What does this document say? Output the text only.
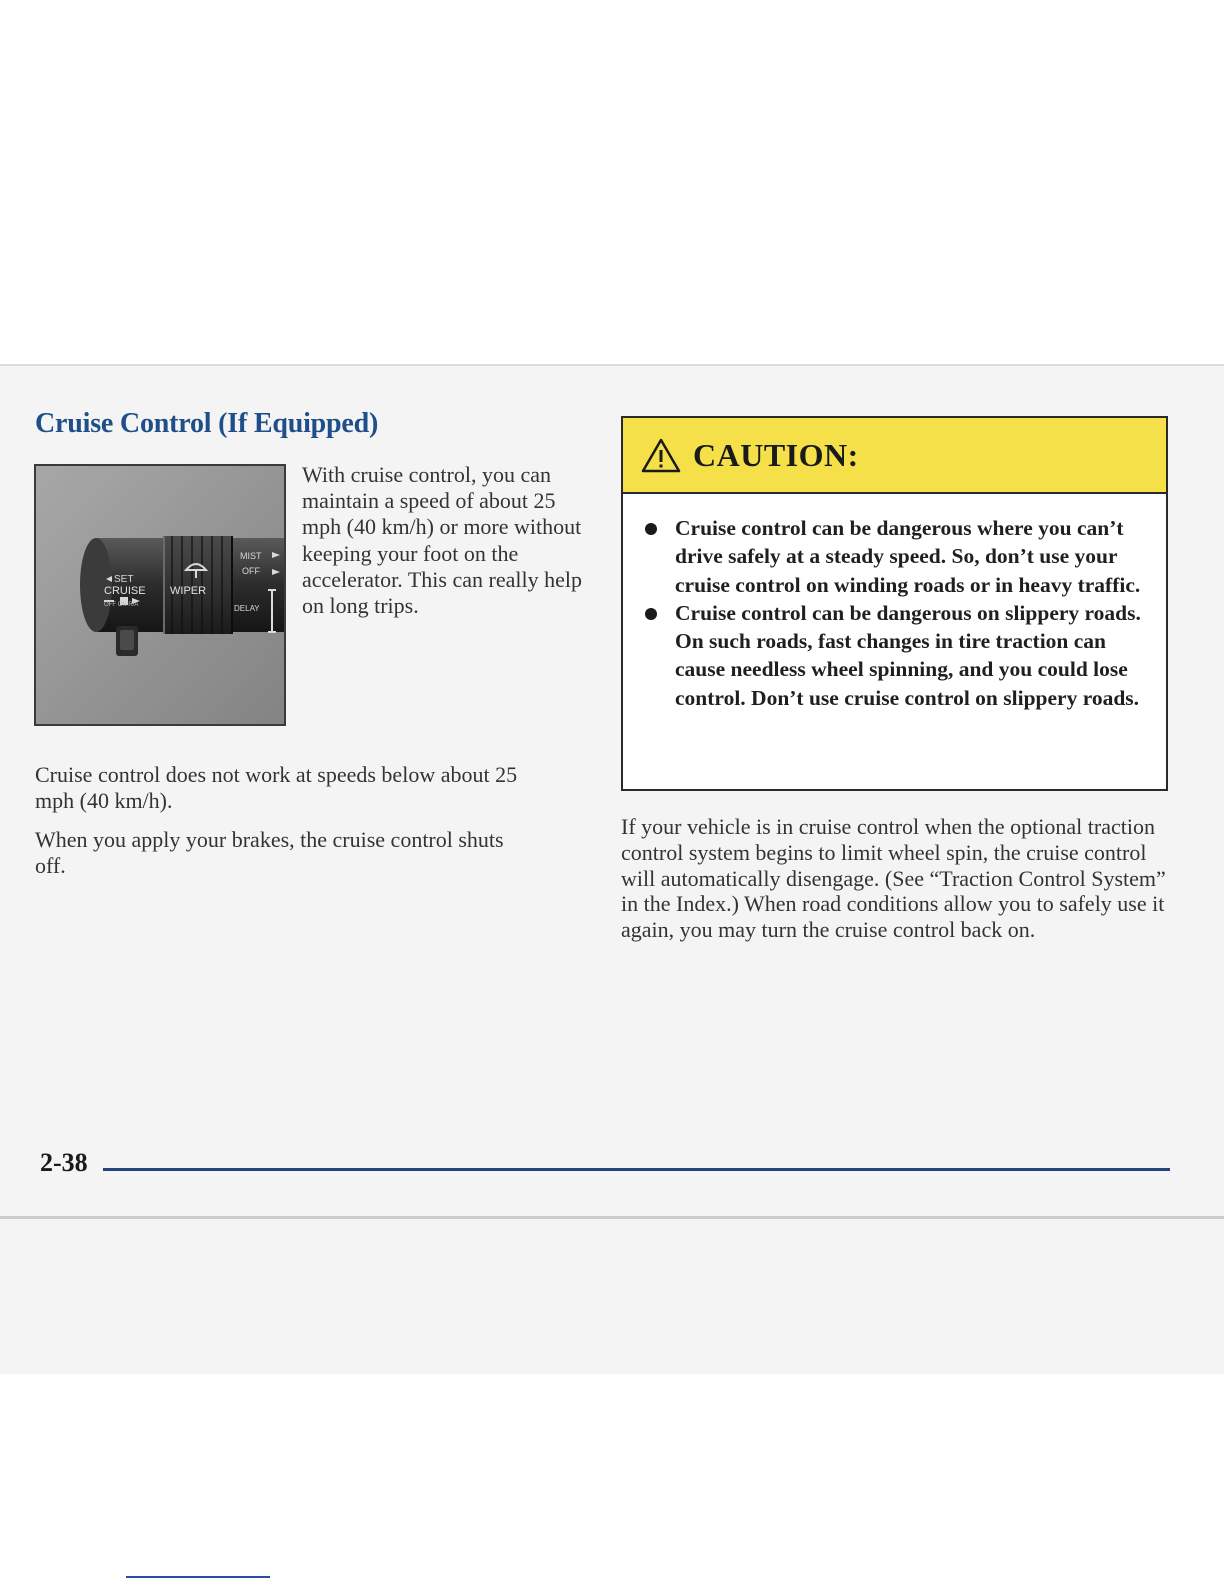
Cruise Control (If Equipped)
SET
CRUISE
OFF ON R/A
WIPER
MIST
OFF
DELAY

With cruise control, you can maintain a speed of about 25 mph (40 km/h) or more without keeping your foot on the accelerator. This can really help on long trips.

Cruise control does not work at speeds below about 25 mph (40 km/h).

When you apply your brakes, the cruise control shuts off.

CAUTION:
Cruise control can be dangerous where you can’t drive safely at a steady speed. So, don’t use your cruise control on winding roads or in heavy traffic.
Cruise control can be dangerous on slippery roads. On such roads, fast changes in tire traction can cause needless wheel spinning, and you could lose control. Don’t use cruise control on slippery roads.

If your vehicle is in cruise control when the optional traction control system begins to limit wheel spin, the cruise control will automatically disengage. (See “Traction Control System” in the Index.) When road conditions allow you to safely use it again, you may turn the cruise control back on.

2-38
